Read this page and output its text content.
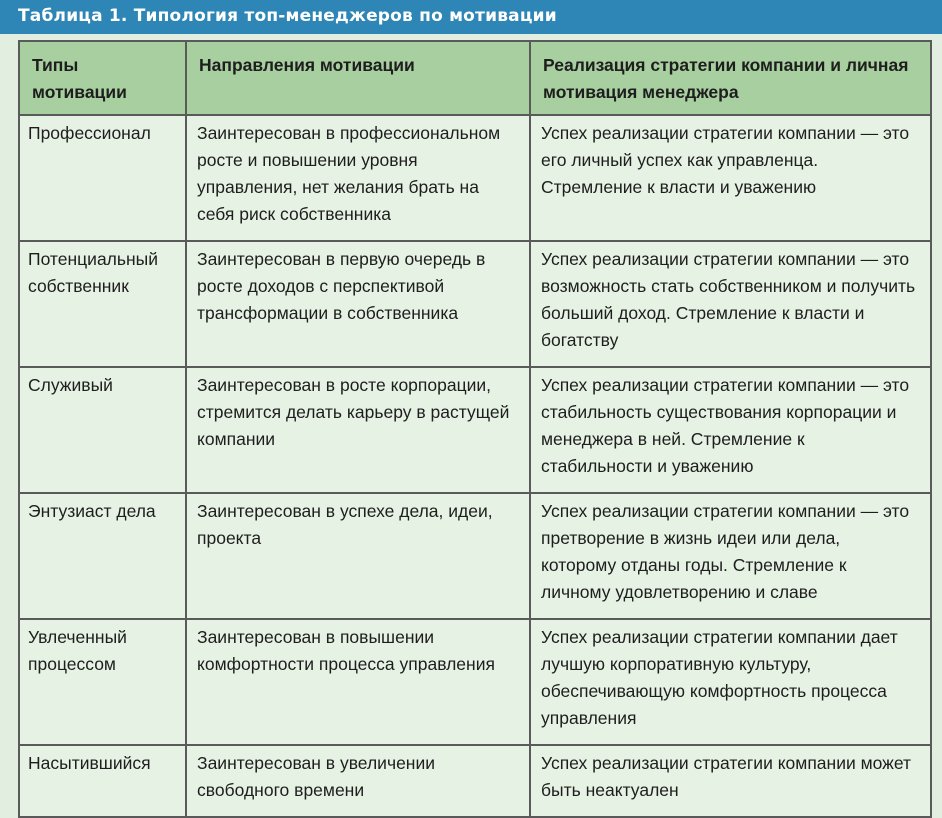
Таблица 1. Типология топ-менеджеров по мотивации
Типы мотивации	Направления мотивации	Реализация стратегии компании и личная мотивация менеджера
Профессионал	Заинтересован в профессиональном росте и повышении уровня управления, нет желания брать на себя риск собственника	Успех реализации стратегии компании — это его личный успех как управленца. Стремление к власти и уважению
Потенциальный собственник	Заинтересован в первую очередь в росте доходов с перспективой трансформации в собственника	Успех реализации стратегии компании — это возможность стать собственником и получить больший доход. Стремление к власти и богатству
Служивый	Заинтересован в росте корпорации, стремится делать карьеру в растущей компании	Успех реализации стратегии компании — это стабильность существования корпорации и менеджера в ней. Стремление к стабильности и уважению
Энтузиаст дела	Заинтересован в успехе дела, идеи, проекта	Успех реализации стратегии компании — это претворение в жизнь идеи или дела, которому отданы годы. Стремление к личному удовлетворению и славе
Увлеченный процессом	Заинтересован в повышении комфортности процесса управления	Успех реализации стратегии компании дает лучшую корпоративную культуру, обеспечивающую комфортность процесса управления
Насытившийся	Заинтересован в увеличении свободного времени	Успех реализации стратегии компании может быть неактуален
